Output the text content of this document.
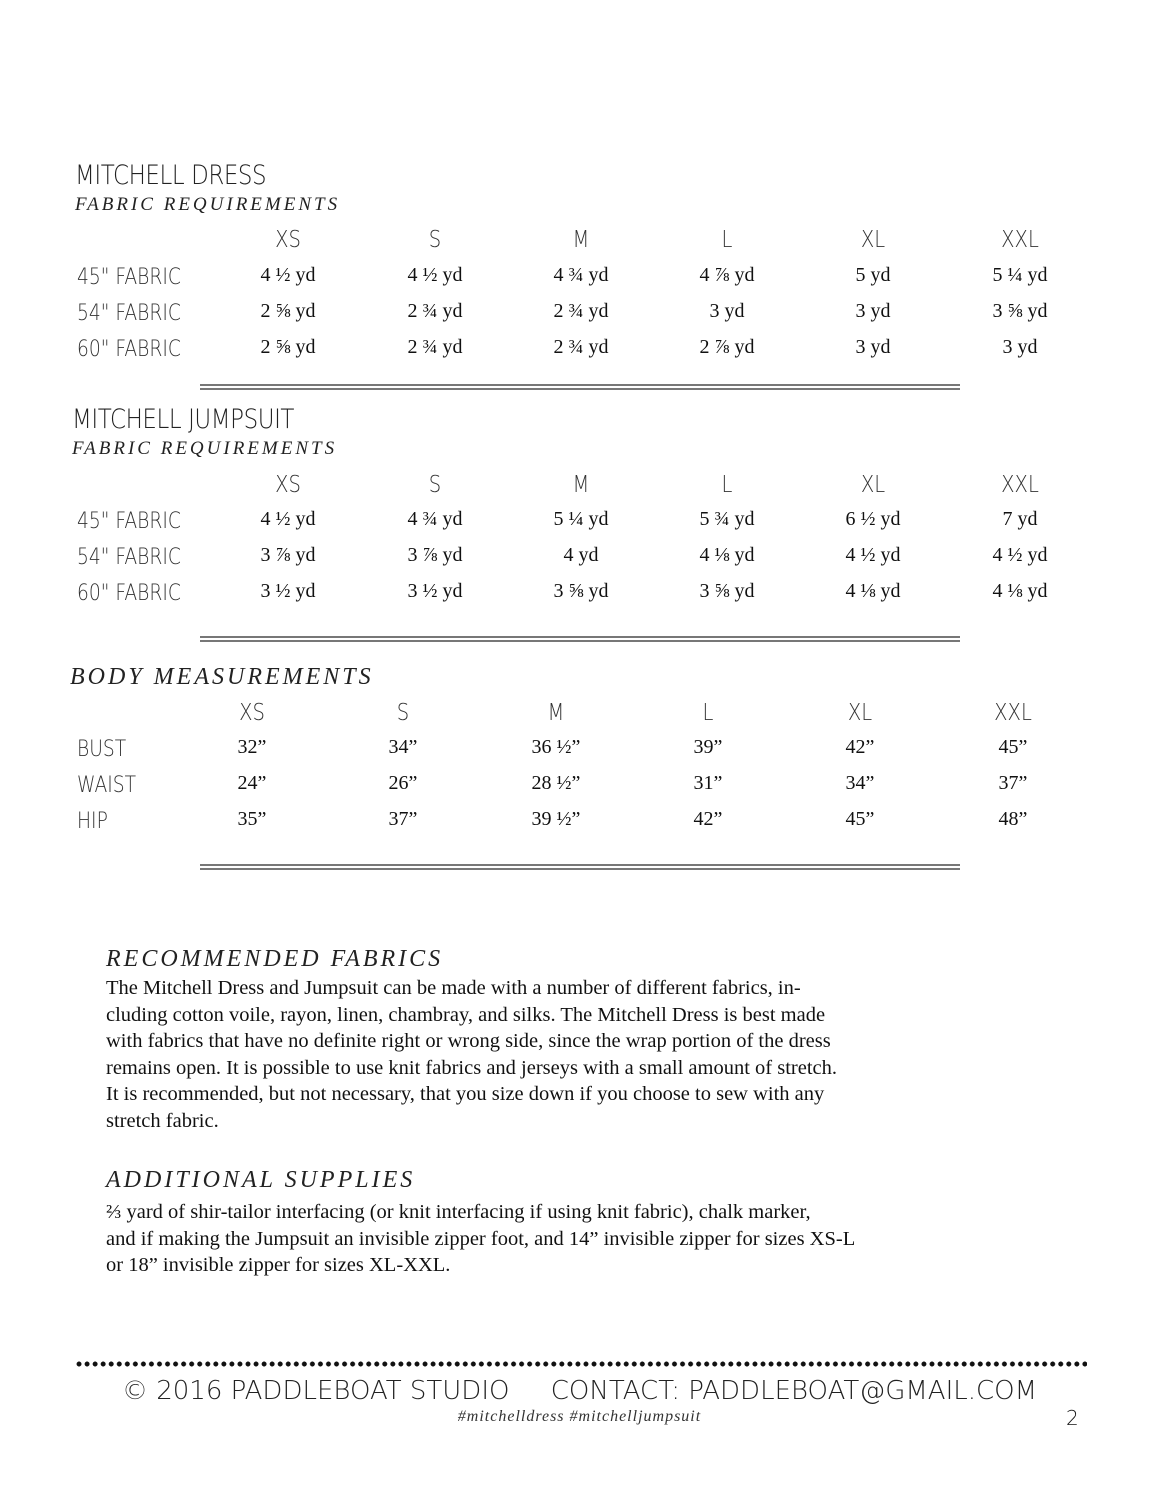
MITCHELL DRESS
FABRIC REQUIREMENTS
XS	S	M	L	XL	XXL
45" FABRIC	4 ½ yd	4 ½ yd	4 ¾ yd	4 ⅞ yd	5 yd	5 ¼ yd
54" FABRIC	2 ⅝ yd	2 ¾ yd	2 ¾ yd	3 yd	3 yd	3 ⅝ yd
60" FABRIC	2 ⅝ yd	2 ¾ yd	2 ¾ yd	2 ⅞ yd	3 yd	3 yd
MITCHELL JUMPSUIT
FABRIC REQUIREMENTS
XS	S	M	L	XL	XXL
45" FABRIC	4 ½ yd	4 ¾ yd	5 ¼ yd	5 ¾ yd	6 ½ yd	7 yd
54" FABRIC	3 ⅞ yd	3 ⅞ yd	4 yd	4 ⅛ yd	4 ½ yd	4 ½ yd
60" FABRIC	3 ½ yd	3 ½ yd	3 ⅝ yd	3 ⅝ yd	4 ⅛ yd	4 ⅛ yd
BODY MEASUREMENTS
XS	S	M	L	XL	XXL
BUST	32”	34”	36 ½”	39”	42”	45”
WAIST	24”	26”	28 ½”	31”	34”	37”
HIP	35”	37”	39 ½”	42”	45”	48”
RECOMMENDED FABRICS
The Mitchell Dress and Jumpsuit can be made with a number of different fabrics, in-
cluding cotton voile, rayon, linen, chambray, and silks. The Mitchell Dress is best made
with fabrics that have no definite right or wrong side, since the wrap portion of the dress
remains open. It is possible to use knit fabrics and jerseys with a small amount of stretch.
It is recommended, but not necessary, that you size down if you choose to sew with any
stretch fabric.
ADDITIONAL SUPPLIES
⅔ yard of shir-tailor interfacing (or knit interfacing if using knit fabric), chalk marker,
and if making the Jumpsuit an invisible zipper foot, and 14” invisible zipper for sizes XS-L
or 18” invisible zipper for sizes XL-XXL.
© 2016 PADDLEBOAT STUDIO     CONTACT: PADDLEBOAT@GMAIL.COM
#mitchelldress #mitchelljumpsuit	2
